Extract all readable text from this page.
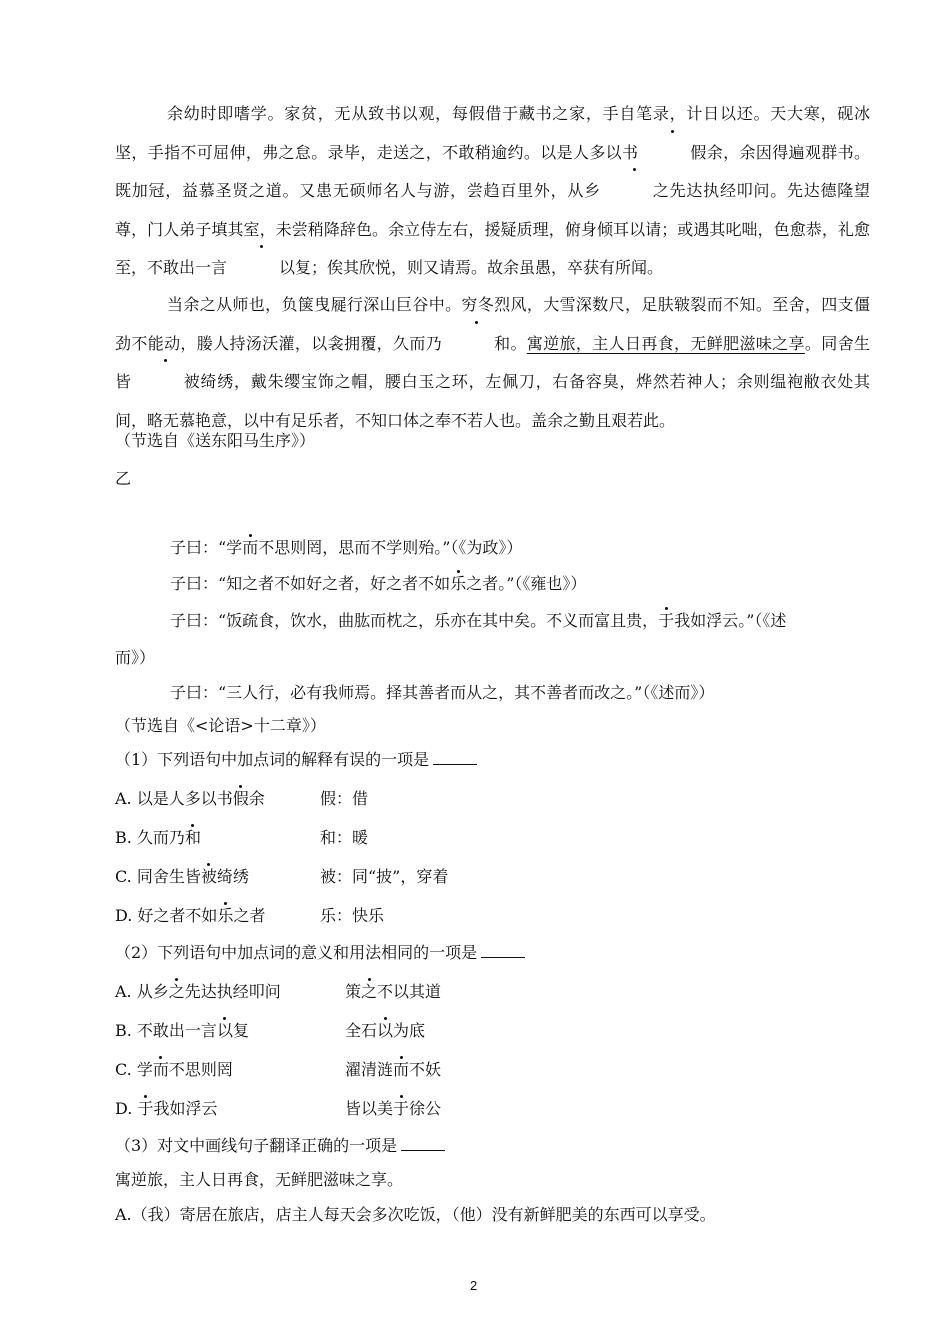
余幼时即嗜学。家贫，无从致书以观，每假借于藏书之家，手自笔录，计日以还。天大寒，砚冰坚，手指不可屈伸，弗之怠。录毕，走送之，不敢稍逾约。以是人多以书	假余，余因得遍观群书。既加冠，益慕圣贤之道。又患无硕师名人与游，尝趋百里外，从乡	之先达执经叩问。先达德隆望尊，门人弟子填其室，未尝稍降辞色。余立侍左右，援疑质理，俯身倾耳以请；或遇其叱咄，色愈恭，礼愈至，不敢出一言	以复；俟其欣悦，则又请焉。故余虽愚，卒获有所闻。
当余之从师也，负箧曳屣行深山巨谷中。穷冬烈风，大雪深数尺，足肤皲裂而不知。至舍，四支僵劲不能动，媵人持汤沃灌，以衾拥覆，久而乃	和。寓逆旅，主人日再食，无鲜肥滋味之享。同舍生皆	被绮绣，戴朱缨宝饰之帽，腰白玉之环，左佩刀，右备容臭，烨然若神人；余则缊袍敝衣处其间，略无慕艳意，以中有足乐者，不知口体之奉不若人也。盖余之勤且艰若此。
（节选自《送东阳马生序》）
乙
子曰：“学而不思则罔，思而不学则殆。”（《为政》）
子曰：“知之者不如好之者，好之者不如乐之者。”（《雍也》）
子曰：“饭疏食，饮水，曲肱而枕之，乐亦在其中矣。不义而富且贵，于我如浮云。”（《述
而》）
子曰：“三人行，必有我师焉。择其善者而从之，其不善者而改之。”（《述而》）
（节选自《<论语>十二章》）
（1）下列语句中加点词的解释有误的一项是
A. 以是人多以书假余	假：借
B. 久而乃和	和：暖
C. 同舍生皆被绮绣	被：同“披”，穿着
D. 好之者不如乐之者	乐：快乐
（2）下列语句中加点词的意义和用法相同的一项是
A. 从乡之先达执经叩问	策之不以其道
B. 不敢出一言以复	全石以为底
C. 学而不思则罔	濯清涟而不妖
D. 于我如浮云	皆以美于徐公
（3）对文中画线句子翻译正确的一项是
寓逆旅，主人日再食，无鲜肥滋味之享。
A.（我）寄居在旅店，店主人每天会多次吃饭，（他）没有新鲜肥美的东西可以享受。
2
